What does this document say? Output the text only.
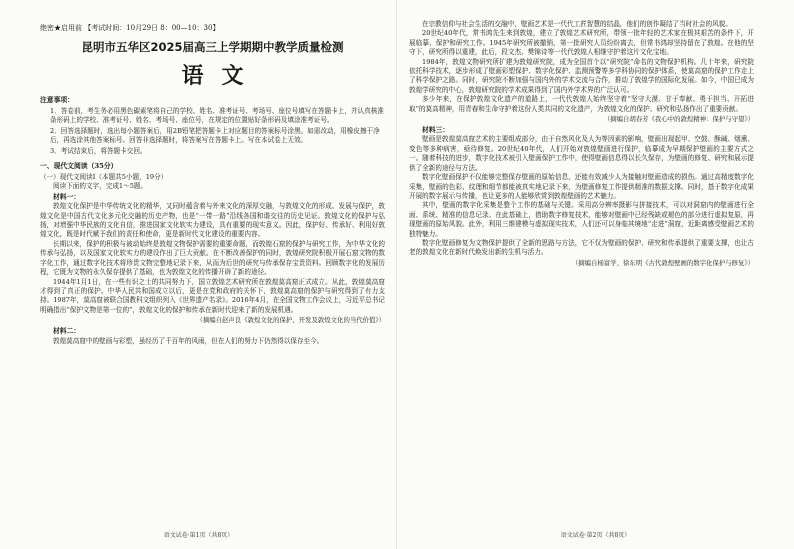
绝密★启用前 【考试时间：10月29日 8：00—10：30】
昆明市五华区2025届高三上学期期中教学质量检测
语文
注意事项：
1．答卷前，考生务必用黑色碳素笔将自己的学校、姓名、准考证号、考场号、座位号填写在答题卡上，并认真核准条形码上的学校、准考证号、姓名、考场号、座位号，在规定的位置贴好条形码及填涂准考证号。
2．回答选择题时，选出每小题答案后，用2B铅笔把答题卡上对应题目的答案标号涂黑。如需改动，用橡皮擦干净后，再选涂其他答案标号。回答非选择题时，将答案写在答题卡上。写在本试卷上无效。
3．考试结束后，将答题卡交回。
一、现代文阅读（35分）
（一）现代文阅读Ⅰ（本题共5小题，19分）
阅读下面的文字，完成1～5题。
材料一：

敦煌文化保护是中华传统文化的精华，又同时蕴含着与外来文化的深厚交融，与敦煌文化的形成、发展与保护，敦煌文化是中国古代文化多元化交融的历史产物，也是“一带一路”沿线各国和谐交往的历史见证。敦煌文化的保护与弘扬，对增强中华民族的文化自信，推进国家文化软实力建设，具有重要的现实意义。因此，保护好、传承好、利用好敦煌文化，既是时代赋予我们的责任和使命，更是新时代文化建设的重要内容。

长期以来，保护的积极与被动始终是敦煌文物保护需要的重要命题，而敦煌石窟的保护与研究工作，为中华文化的传承与弘扬，以及国家文化软实力的建设作出了巨大贡献。在不断改善保护的同时，敦煌研究院积极开展石窟文物的数字化工作，通过数字化技术将珍贵文物完整地记录下来，从而为后世的研究与传承保存宝贵资料。回顾数字化的发展历程，它既为文物的永久保存提供了基础，也为敦煌文化的传播开辟了新的途径。

1944年1月1日，在一些有识之士的共同努力下，国立敦煌艺术研究所在敦煌莫高窟正式成立。从此，敦煌莫高窟才得到了真正的保护。中华人民共和国成立以后，更是在党和政府的关怀下，敦煌莫高窟的保护与研究得到了有力支持。1987年，莫高窟被联合国教科文组织列入《世界遗产名录》。2016年4月，在全国文物工作会议上，习近平总书记明确指出“保护文物是第一位的”，敦煌文化的保护和传承在新时代迎来了新的发展机遇。

（摘编自赵声良《敦煌文化的保护、开发及敦煌文化的当代价值》）
材料二：

敦煌莫高窟中的壁画与彩塑，虽经历了千百年的风雨，但在人们的努力下仍然得以保存至今。

语文试卷·第1页（共8页）

在宗教信仰与社会生活的交融中，壁画艺术是一代代工匠智慧的结晶，他们的创作凝结了当时社会的风貌。

20世纪40年代，常书鸿先生来到敦煌，建立了敦煌艺术研究所，带领一批年轻的艺术家在极其艰苦的条件下，开展临摹、保护和研究工作。1945年研究所被撤销，第一批研究人员纷纷离去，但常书鸿却坚持留在了敦煌。在他的坚守下，研究所得以重建，此后，段文杰、樊锦诗等一代代敦煌人相继守护着这片文化宝地。

1984年，敦煌文物研究所扩建为敦煌研究院，成为全国首个以“研究院”命名的文物保护机构。几十年来，研究院依托科学技术，逐步形成了壁画彩塑保护、数字化保护、监测预警等多学科协同的保护体系，使莫高窟的保护工作走上了科学保护之路。同时，研究院不断加强与国内外的学术交流与合作，推动了敦煌学的国际化发展。如今，中国已成为敦煌学研究的中心，敦煌研究院的学术成果得到了国内外学术界的广泛认可。

多少年来，在保护敦煌文化遗产的道路上，一代代敦煌人始终坚守着“坚守大漠、甘于奉献、勇于担当、开拓进取”的莫高精神，用青春和生命守护着这份人类共同的文化遗产，为敦煌文化的保护、研究和弘扬作出了重要贡献。

（摘编自胡春芳《我心中的敦煌精神：保护与守望》）
材料三：

壁画是敦煌莫高窟艺术的主要组成部分，由于自然风化及人为等因素的影响，壁画出现起甲、空鼓、酥碱、烟熏、变色等多种病害，亟待修复。20世纪40年代，人们开始对敦煌壁画进行保护，临摹成为早期保护壁画的主要方式之一。随着科技的进步，数字化技术被引入壁画保护工作中，使得壁画信息得以长久保存，为壁画的修复、研究和展示提供了全新的途径与方法。

数字化壁画保护不仅能够完整保存壁画的原始信息，还能有效减少人为接触对壁画造成的损伤。通过高精度数字化采集，壁画的色彩、纹理和细节都能被真实地记录下来，为壁画修复工作提供精准的数据支撑。同时，基于数字化成果开展的数字展示与传播，也让更多的人能够欣赏到敦煌壁画的艺术魅力。

其中，壁画的数字化采集是整个工作的基础与关键。采用高分辨率摄影与拼接技术，可以对洞窟内的壁画进行全面、系统、精准的信息记录。在此基础上，借助数字修复技术，能够对壁画中已经残缺或褪色的部分进行虚拟复原，再现壁画的原始风貌。此外，利用三维建模与虚拟现实技术，人们还可以身临其境地“走进”洞窟，近距离感受壁画艺术的独特魅力。

数字化壁画修复为文物保护提供了全新的思路与方法，它不仅为壁画的保护、研究和传承提供了重要支撑，也让古老的敦煌文化在新时代焕发出新的生机与活力。

（摘编自杨富学、徐东明《古代敦煌壁画的数字化保护与修复》）
语文试卷·第2页（共8页）
